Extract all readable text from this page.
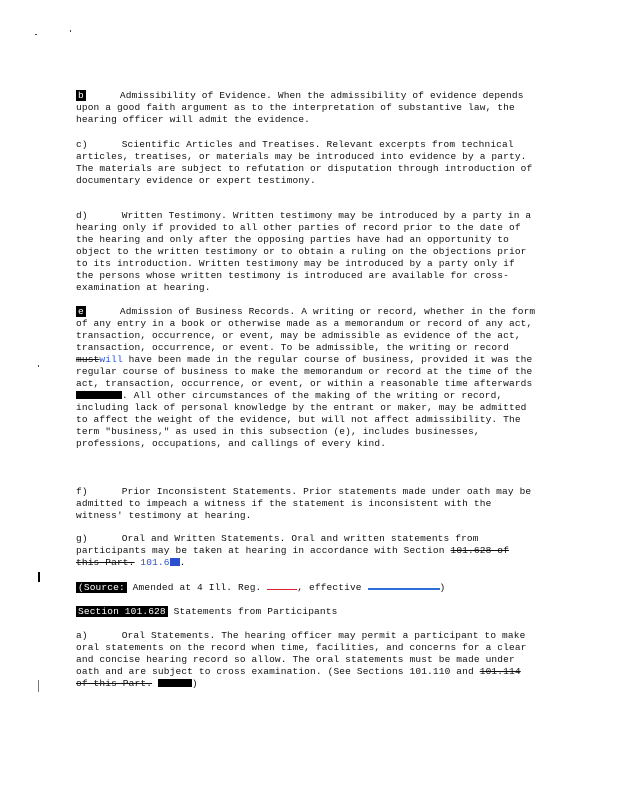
b	Admissibility of Evidence. When the admissibility of evidence depends upon a good faith argument as to the interpretation of substantive law, the hearing officer will admit the evidence.
c)	Scientific Articles and Treatises. Relevant excerpts from technical articles, treatises, or materials may be introduced into evidence by a party. The materials are subject to refutation or disputation through introduction of documentary evidence or expert testimony.
d)	Written Testimony. Written testimony may be introduced by a party in a hearing only if provided to all other parties of record prior to the date of the hearing and only after the opposing parties have had an opportunity to object to the written testimony or to obtain a ruling on the objections prior to its introduction. Written testimony may be introduced by a party only if the persons whose written testimony is introduced are available for cross-examination at hearing.
e	Admission of Business Records. A writing or record, whether in the form of any entry in a book or otherwise made as a memorandum or record of any act, transaction, occurrence, or event, may be admissible as evidence of the act, transaction, occurrence, or event. To be admissible, the writing or record mustwill have been made in the regular course of business, provided it was the regular course of business to make the memorandum or record at the time of the act, transaction, occurrence, or event, or within a reasonable time afterwards . All other circumstances of the making of the writing or record, including lack of personal knowledge by the entrant or maker, may be admitted to affect the weight of the evidence, but will not affect admissibility. The term "business," as used in this subsection (e), includes businesses, professions, occupations, and callings of every kind.
f)	Prior Inconsistent Statements. Prior statements made under oath may be admitted to impeach a witness if the statement is inconsistent with the witness' testimony at hearing.
g)	Oral and Written Statements. Oral and written statements from participants may be taken at hearing in accordance with Section 101.628 of this Part. 101.6 .
(Source: Amended at 4 Ill. Reg.	, effective	)
Section 101.628 Statements from Participants
a)	Oral Statements. The hearing officer may permit a participant to make oral statements on the record when time, facilities, and concerns for a clear and concise hearing record so allow. The oral statements must be made under oath and are subject to cross examination. (See Sections 101.110 and 101.114 of this Part.	)
